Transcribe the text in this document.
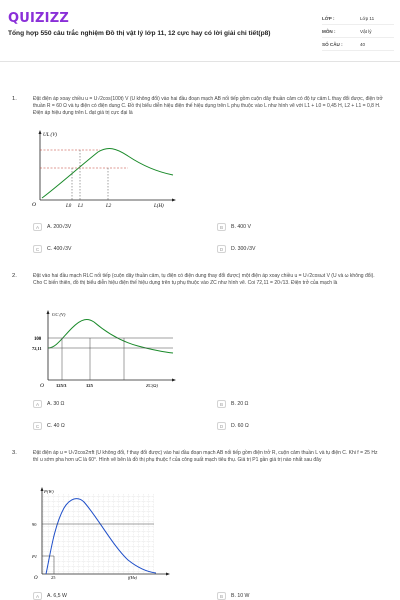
QUIZIZZ
Tổng hợp 550 câu trắc nghiệm Đồ thị vật lý lớp 11, 12 cực hay có lời giải chi tiết(p8)
LỚP :	Lớp 11
MÔN :	Vật lý
SỐ CÂU :	40
1.	Đặt điện áp xoay chiều u = U√2cos(100t) V (U không đổi) vào hai đầu đoạn mạch AB nối tiếp gồm cuộn dây thuần cảm có độ tự cảm L thay đổi được, điện trở thuần R = 60 Ω và tụ điện có điện dung C. Đồ thị biểu diễn hiệu điện thế hiệu dụng trên L phụ thuộc vào L như hình vẽ với L1 + L0 = 0,45 H, L2 + L1 = 0,8 H. Điện áp hiệu dụng trên L đạt giá trị cực đại là
UL (V)
O	L0 L1	L2	L(H)
A	A. 200√3V	B	B. 400 V
C	C. 400√3V	D	D. 300√3V
2.	Đặt vào hai đầu mạch RLC nối tiếp (cuộn dây thuần cảm, tụ điện có điện dung thay đổi được) một điện áp xoay chiều u = U√2cosωt V (U và ω không đổi). Cho C biến thiên, đồ thị biểu diễn hiệu điện thế hiệu dụng trên tụ phụ thuộc vào ZC như hình vẽ. Coi 72,11 = 20√13. Điện trở của mạch là
UC (V)
100
72,11
O	125/3	125	ZC(Ω)
A	A. 30 Ω	B	B. 20 Ω
C	C. 40 Ω	D	D. 60 Ω
3.	Đặt điện áp u = U√2cos2πft (U không đổi, f thay đổi được) vào hai đầu đoạn mạch AB nối tiếp gồm điện trở R, cuộn cảm thuần L và tụ điện C. Khi f = 25 Hz thì u sớm pha hơn uC là 60°. Hình vẽ bên là đồ thị phụ thuộc f của công suất mạch tiêu thụ. Giá trị P1 gần giá trị nào nhất sau đây
P(W)
90
P1
O	25	f(Hz)
A	A. 6,5 W	B	B. 10 W
